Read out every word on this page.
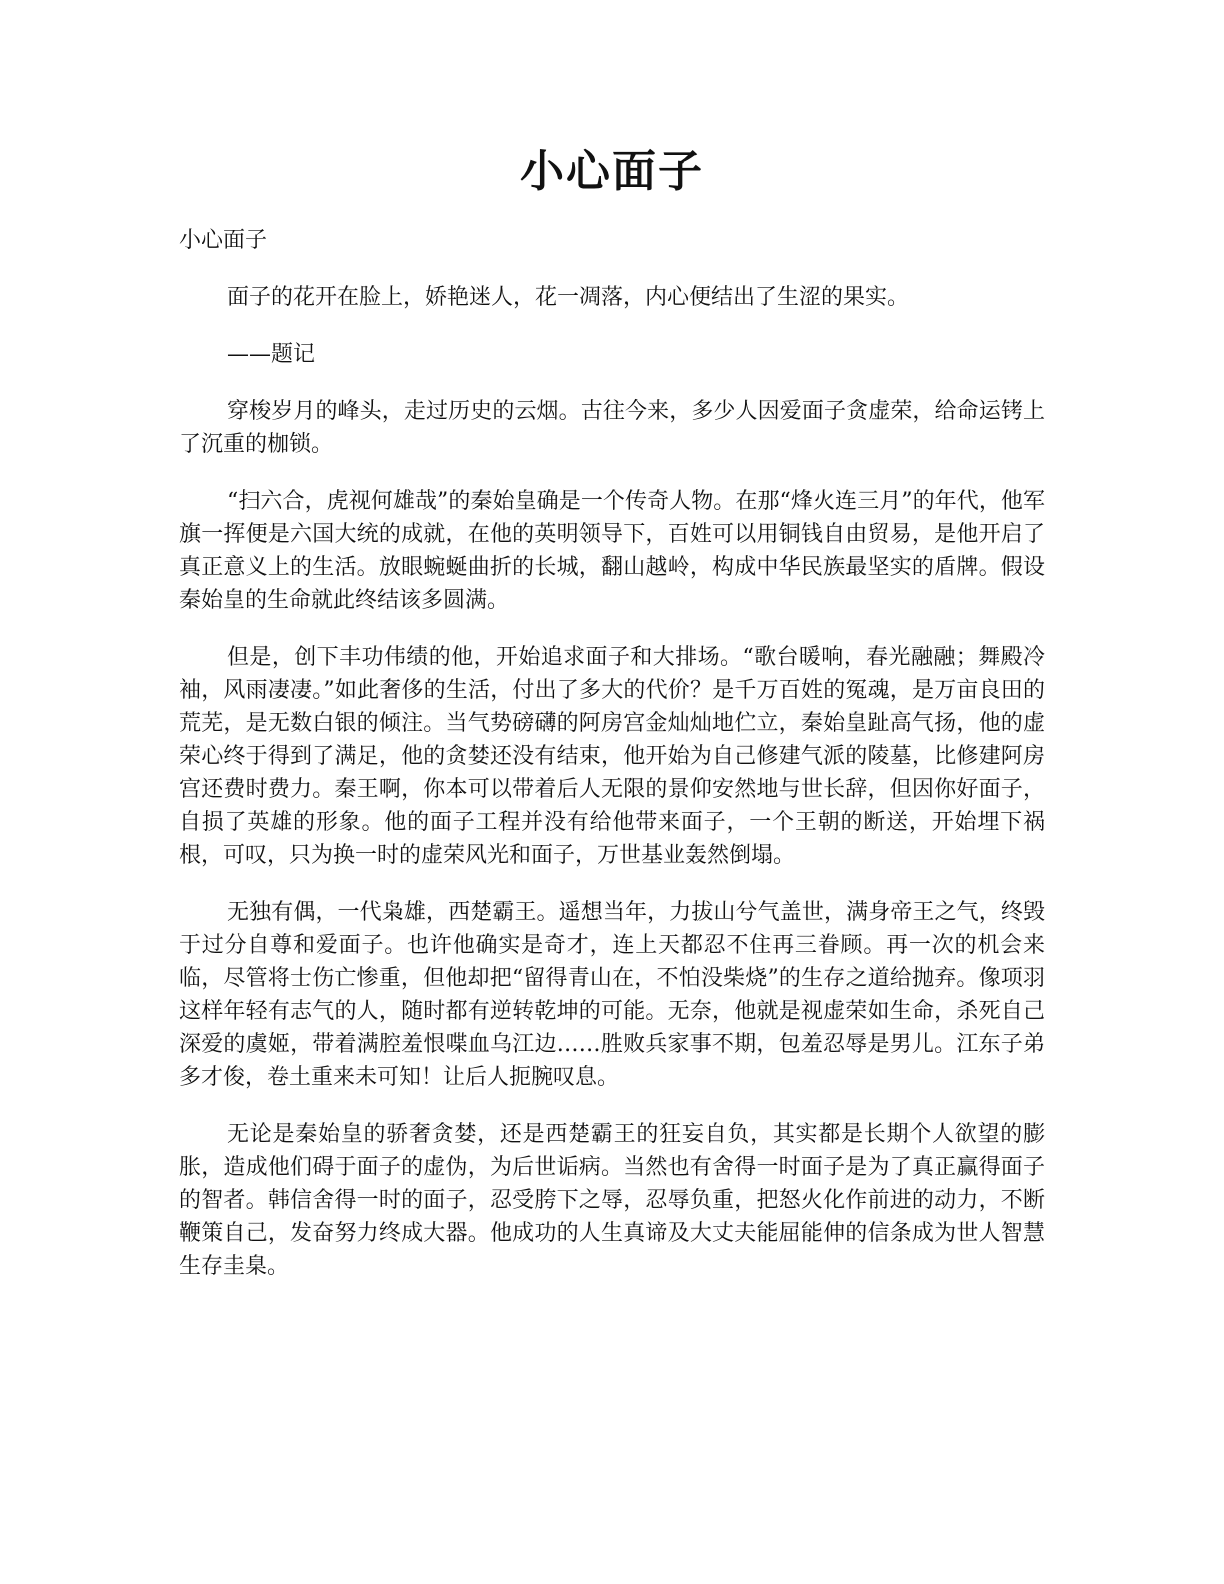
小心面子

小心面子

面子的花开在脸上，娇艳迷人，花一凋落，内心便结出了生涩的果实。

——题记

穿梭岁月的峰头，走过历史的云烟。古往今来，多少人因爱面子贪虚荣，给命运铐上了沉重的枷锁。

“扫六合，虎视何雄哉”的秦始皇确是一个传奇人物。在那“烽火连三月”的年代，他军旗一挥便是六国大统的成就，在他的英明领导下，百姓可以用铜钱自由贸易，是他开启了真正意义上的生活。放眼蜿蜒曲折的长城，翻山越岭，构成中华民族最坚实的盾牌。假设秦始皇的生命就此终结该多圆满。

但是，创下丰功伟绩的他，开始追求面子和大排场。“歌台暖响，春光融融；舞殿冷袖，风雨凄凄。”如此奢侈的生活，付出了多大的代价？是千万百姓的冤魂，是万亩良田的荒芜，是无数白银的倾注。当气势磅礴的阿房宫金灿灿地伫立，秦始皇趾高气扬，他的虚荣心终于得到了满足，他的贪婪还没有结束，他开始为自己修建气派的陵墓，比修建阿房宫还费时费力。秦王啊，你本可以带着后人无限的景仰安然地与世长辞，但因你好面子，自损了英雄的形象。他的面子工程并没有给他带来面子，一个王朝的断送，开始埋下祸根，可叹，只为换一时的虚荣风光和面子，万世基业轰然倒塌。

无独有偶，一代枭雄，西楚霸王。遥想当年，力拔山兮气盖世，满身帝王之气，终毁于过分自尊和爱面子。也许他确实是奇才，连上天都忍不住再三眷顾。再一次的机会来临，尽管将士伤亡惨重，但他却把“留得青山在，不怕没柴烧”的生存之道给抛弃。像项羽这样年轻有志气的人，随时都有逆转乾坤的可能。无奈，他就是视虚荣如生命，杀死自己深爱的虞姬，带着满腔羞恨喋血乌江边……胜败兵家事不期，包羞忍辱是男儿。江东子弟多才俊，卷土重来未可知！让后人扼腕叹息。

无论是秦始皇的骄奢贪婪，还是西楚霸王的狂妄自负，其实都是长期个人欲望的膨胀，造成他们碍于面子的虚伪，为后世诟病。当然也有舍得一时面子是为了真正赢得面子的智者。韩信舍得一时的面子，忍受胯下之辱，忍辱负重，把怒火化作前进的动力，不断鞭策自己，发奋努力终成大器。他成功的人生真谛及大丈夫能屈能伸的信条成为世人智慧生存圭臬。
